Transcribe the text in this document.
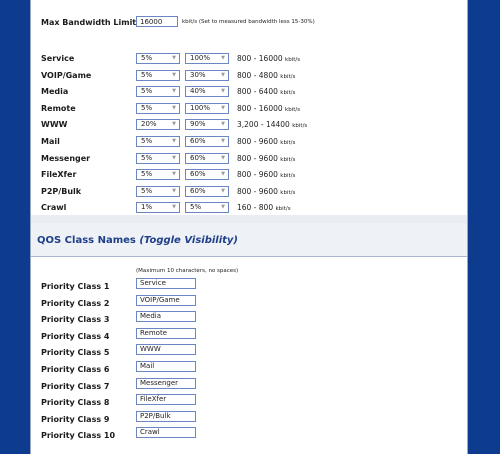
Max Bandwidth Limit 16000	kbit/s (Set to measured bandwidth less 15-30%)
Service	5%	▼ 100% ▼ 800 - 16000 kbit/s
VOIP/Game	5%	▼ 30%	▼ 800 - 4800 kbit/s
Media	5%	▼ 40%	▼ 800 - 6400 kbit/s
Remote	5%	▼ 100% ▼ 800 - 16000 kbit/s
WWW	20%	▼ 90%	▼ 3,200 - 14400 kbit/s
Mail	5%	▼ 60%	▼ 800 - 9600 kbit/s
Messenger	5%	▼ 60%	▼ 800 - 9600 kbit/s
FileXfer	5%	▼ 60%	▼ 800 - 9600 kbit/s
P2P/Bulk	5%	▼ 60%	▼ 800 - 9600 kbit/s
Crawl	1%	▼ 5%	▼ 160 - 800 kbit/s
QOS Class Names (Toggle Visibility)
(Maximum 10 characters, no spaces)
Priority Class 1	Service
Priority Class 2	VOIP/Game
Priority Class 3	Media
Priority Class 4	Remote
Priority Class 5	WWW
Priority Class 6	Mail
Priority Class 7	Messenger
Priority Class 8	FileXfer
Priority Class 9	P2P/Bulk
Priority Class 10	Crawl
